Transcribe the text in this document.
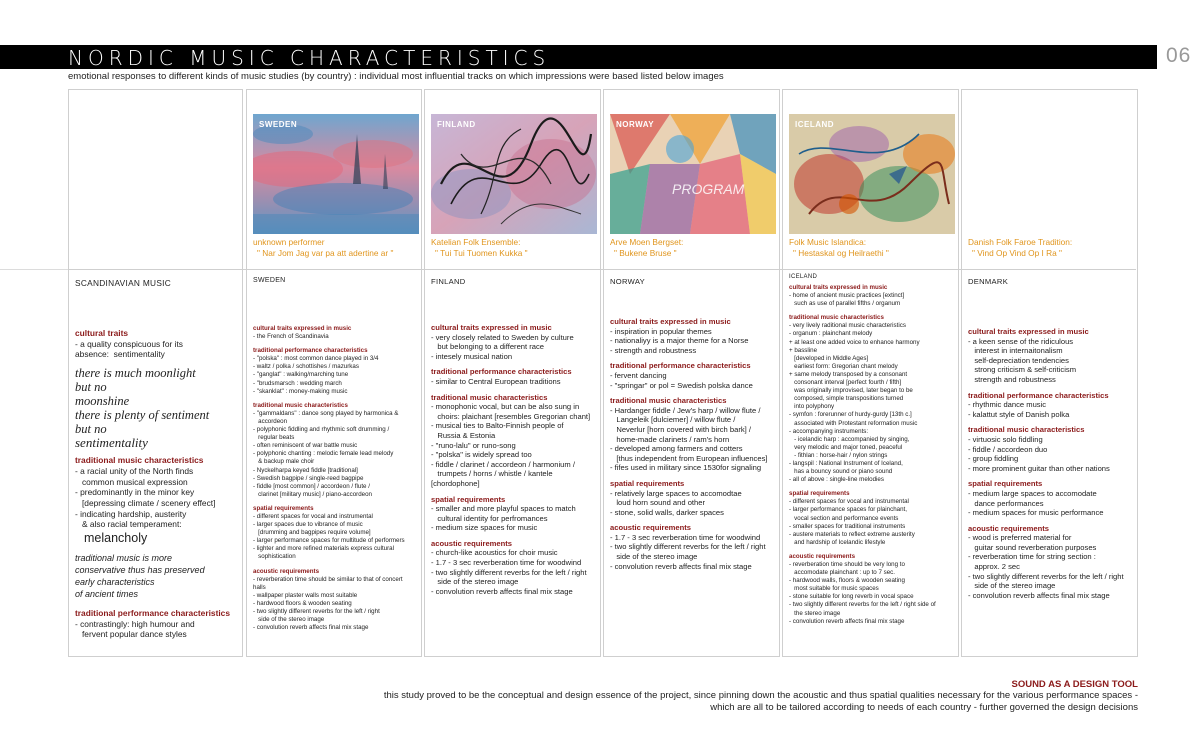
NORDIC MUSIC CHARACTERISTICS	06
emotional responses to different kinds of music studies (by country) : individual most influential tracks on which impressions were based listed below images
SCANDINAVIAN MUSIC
cultural traits
- a quality conspicuous for its
absence:  sentimentality
there is much moonlight
but no
moonshine
there is plenty of sentiment
but no
sentimentality
traditional music characteristics
- a racial unity of the North finds
common musical expression
- predominantly in the minor key
[depressing climate / scenery effect]
- indicating hardship, austerity
& also racial temperament:
melancholy
traditional music is more
conservative thus has preserved
early characteristics
of ancient times
traditional performance characteristics
- contrastingly: high humour and
fervent popular dance styles
SWEDEN
unknown performer
" Nar Jom Jag var pa att adertine ar "
SWEDEN
cultural traits expressed in music
- the French of Scandinavia
traditional performance characteristics
- "polska" : most common dance played in 3/4
- waltz / polka / schottishes / mazurkas
- "ganglat" : walking/marching tune
- "brudsmarsch : wedding march
- "skanklat" : money-making music
traditional music characteristics
- "gammaldans" : dance song played by harmonica &
accordeon
- polyphonic fiddling and rhythmic soft drumming /
regular beats
- often reminiscent of war battle music
- polyphonic chanting : melodic female lead melody
& backup male choir
- Nyckelharpa keyed fiddle [traditional]
- Swedish bagpipe / single-reed bagpipe
- fiddle [most common] / accordeon / flute /
clarinet [military music] / piano-accordeon
spatial requirements
- different spaces for vocal and instrumental
- larger spaces due to vibrance of music
[drumming and bagpipes require volume]
- larger performance spaces for multitude of performers
- lighter and more refined materials express cultural
sophistication
acoustic requirements
- reverberation time should be similar to that of concert halls
- wallpaper plaster walls most suitable
- hardwood floors & wooden seating
- two slightly different reverbs for the left / right
side of the stereo image
- convolution reverb affects final mix stage
FINLAND
Katelian Folk Ensemble:
" Tui Tui Tuomen Kukka "
FINLAND
cultural traits expressed in music
- very closely related to Sweden by culture
but belonging to a different race
- intesely musical nation
traditional performance characteristics
- similar to Central European traditions
traditional music characteristics
- monophonic vocal, but can be also sung in
choirs: plaichant [resembles Gregorian chant]
- musical ties to Balto-Finnish people of
Russia & Estonia
- "runo-lalu" or runo-song
- "polska" is widely spread too
- fiddle / clarinet / accordeon / harmonium /
trumpets / horns / whistle / kantele [chordophone]
spatial requirements
- smaller and more playful spaces to match
cultural identity for perfromances
- medium size spaces for music
acoustic requirements
- church-like acoustics for choir music
- 1.7 - 3 sec reverberation time for woodwind
- two slightly different reverbs for the left / right
side of the stereo image
- convolution reverb affects final mix stage
PROGRAM
NORWAY
Arve Moen Bergset:
" Bukene Bruse "
NORWAY
cultural traits expressed in music
- inspiration in popular themes
- nationaliyy is a major theme for a Norse
- strength and robustness
traditional performance characteristics
- fervent dancing
- "springar" or pol = Swedish polska dance
traditional music characteristics
- Hardanger fiddle / Jew's harp / willow flute /
Langeleik [dulciemer] / willow flute /
Neverlur [horn covered with birch bark] /
home-made clarinets / ram's horn
- developed among farmers and cotters
[thus independent from European influences]
- fifes used in military since 1530for signaling
spatial requirements
- relatively large spaces to accomodtae
loud horn sound and other
- stone, solid walls, darker spaces
acoustic requirements
- 1.7 - 3 sec reverberation time for woodwind
- two slightly different reverbs for the left / right
side of the stereo image
- convolution reverb affects final mix stage
ICELAND
Folk Music Islandica:
" Hestaskal og Heilraethi "
ICELAND
cultural traits expressed in music
- home of ancient music practices [extinct]
such as use of parallel fifths / organum
traditional music characteristics
- very lively raditional music characteristics
- organum : plainchant melody
+ at least one added voice to enhance harmony
+ bassline
[developed in Middle Ages]
earliest form: Gregorian chant melody
+ same melody transposed by a consonant
consonant interval [perfect fourth / fifth]
was originally improvised, later began to be
composed, simple transpositions turned
into polyphony
- symfon : forerunner of hurdy-gurdy [13th c.]
associated with Protestant reformation music
- accompanying instruments:
- icelandic harp : accompanied by singing,
very melodic and major toned, peaceful
- fithlan : horse-hair / nylon strings
- langspil : National Instrument of Iceland,
has a bouncy sound or piano sound
- all of above : single-line melodies
spatial requirements
- different spaces for vocal and instrumental
- larger performance spaces for plainchant,
vocal section and performance events
- smaller spaces for traditional instruments
- austere materials to reflect extreme austerity
and hardship of Icelandic lifestyle
acoustic requirements
- reverberation time should be very long to
accomodate plainchant : up to 7 sec.
- hardwood walls, floors & wooden seating
most suitable for music spaces
- stone suitable for long reverb in vocal space
- two slightly different reverbs for the left / right side of
the stereo image
- convolution reverb affects final mix stage
Danish Folk Faroe Tradition:
" Vind Op Vind Op I Ra "
DENMARK
cultural traits expressed in music
- a keen sense of the ridiculous
interest in internaitonalism
self-depreciation tendencies
strong criticism & self-criticism
strength and robustness
traditional performance characteristics
- rhythmic dance music
- kalattut style of Danish polka
traditional music characteristics
- virtuosic solo fiddling
- fiddle / accordeon duo
- group fiddling
- more prominent guitar than other nations
spatial requirements
- medium large spaces to accomodate
dance performances
- medium spaces for music performance
acoustic requirements
- wood is preferred material for
guitar sound reverberation purposes
- reverberation time for string section :
approx. 2 sec
- two slightly different reverbs for the left / right
side of the stereo image
- convolution reverb affects final mix stage
SOUND AS A DESIGN TOOL
this study proved to be the conceptual and design essence of the project, since pinning down the acoustic and thus spatial qualities necessary for the various performance spaces - which are all to be tailored according to needs of each country - further governed the design decisions
